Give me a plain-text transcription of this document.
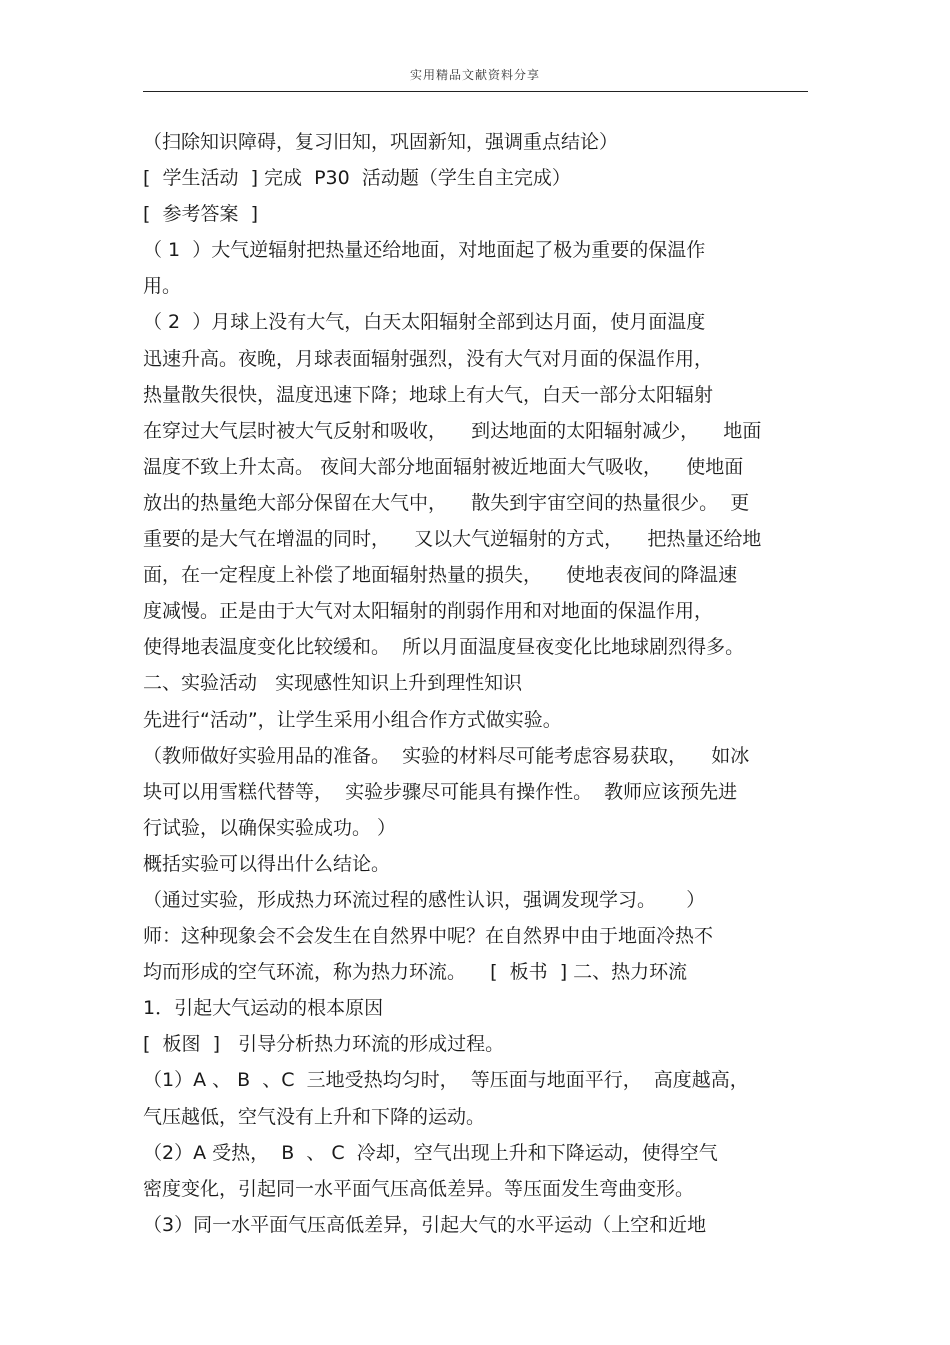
实用精品文献资料分享
（扫除知识障碍，复习旧知，巩固新知，强调重点结论）
[  学生活动  ] 完成  P30  活动题（学生自主完成）
[  参考答案  ]
（ 1  ）大气逆辐射把热量还给地面，对地面起了极为重要的保温作
用。
（ 2  ）月球上没有大气，白天太阳辐射全部到达月面，使月面温度
迅速升高。夜晚，月球表面辐射强烈，没有大气对月面的保温作用，
热量散失很快，温度迅速下降；地球上有大气，白天一部分太阳辐射
在穿过大气层时被大气反射和吸收，    到达地面的太阳辐射减少，    地面
温度不致上升太高。 夜间大部分地面辐射被近地面大气吸收，    使地面
放出的热量绝大部分保留在大气中，    散失到宇宙空间的热量很少。  更
重要的是大气在增温的同时，    又以大气逆辐射的方式，    把热量还给地
面，在一定程度上补偿了地面辐射热量的损失，    使地表夜间的降温速
度减慢。正是由于大气对太阳辐射的削弱作用和对地面的保温作用，
使得地表温度变化比较缓和。  所以月面温度昼夜变化比地球剧烈得多。
二、实验活动   实现感性知识上升到理性知识
先进行“活动”，让学生采用小组合作方式做实验。
（教师做好实验用品的准备。  实验的材料尽可能考虑容易获取，    如冰
块可以用雪糕代替等，  实验步骤尽可能具有操作性。  教师应该预先进
行试验，以确保实验成功。 ）
概括实验可以得出什么结论。
（通过实验，形成热力环流过程的感性认识，强调发现学习。     ）
师：这种现象会不会发生在自然界中呢？在自然界中由于地面冷热不
均而形成的空气环流，称为热力环流。    [  板书  ] 二、热力环流
1．引起大气运动的根本原因
[  板图  ]   引导分析热力环流的形成过程。
（1）A 、 B  、C  三地受热均匀时，  等压面与地面平行，  高度越高，
气压越低，空气没有上升和下降的运动。
（2）A 受热，  B  、 C  冷却，空气出现上升和下降运动，使得空气
密度变化，引起同一水平面气压高低差异。等压面发生弯曲变形。
（3）同一水平面气压高低差异，引起大气的水平运动（上空和近地
